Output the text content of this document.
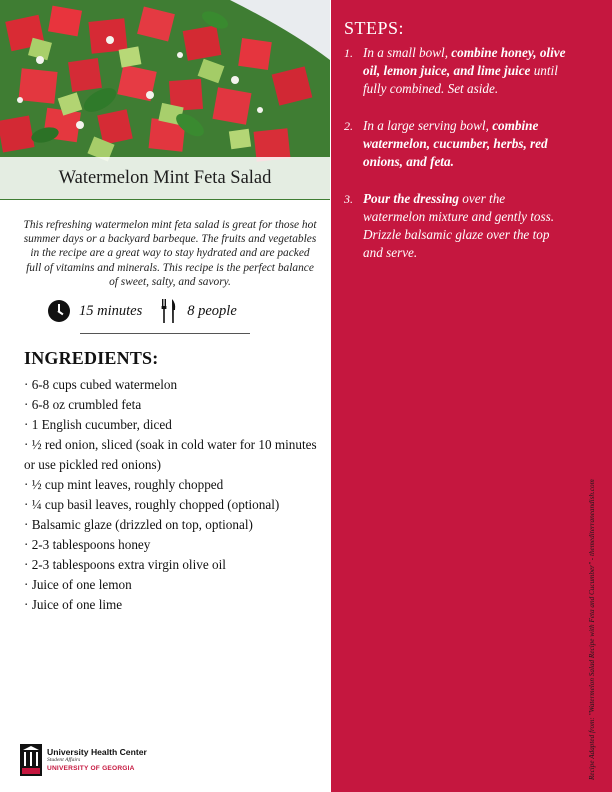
Watermelon Mint Feta Salad
This refreshing watermelon mint feta salad is great for those hot summer days or a backyard barbeque. The fruits and vegetables in the recipe are a great way to stay hydrated and are packed full of vitamins and minerals. This recipe is the perfect balance of sweet, salty, and savory.
15 minutes	8 people
INGREDIENTS:
· 6-8 cups cubed watermelon
· 6-8 oz crumbled feta
· 1 English cucumber, diced
· ½ red onion, sliced (soak in cold water for 10 minutes or use pickled red onions)
· ½ cup mint leaves, roughly chopped
· ¼ cup basil leaves, roughly chopped (optional)
· Balsamic glaze (drizzled on top, optional)
· 2-3 tablespoons honey
· 2-3 tablespoons extra virgin olive oil
· Juice of one lemon
· Juice of one lime
STEPS:
1. In a small bowl, combine honey, olive oil, lemon juice, and lime juice until fully combined. Set aside.
2. In a large serving bowl, combine watermelon, cucumber, herbs, red onions, and feta.
3. Pour the dressing over the watermelon mixture and gently toss. Drizzle balsamic glaze over the top and serve.
Recipe Adapted from: "Watermelon Salad Recipe with Feta and Cucumber" - themediterraneandish.com
University Health Center
Student Affairs
UNIVERSITY OF GEORGIA
